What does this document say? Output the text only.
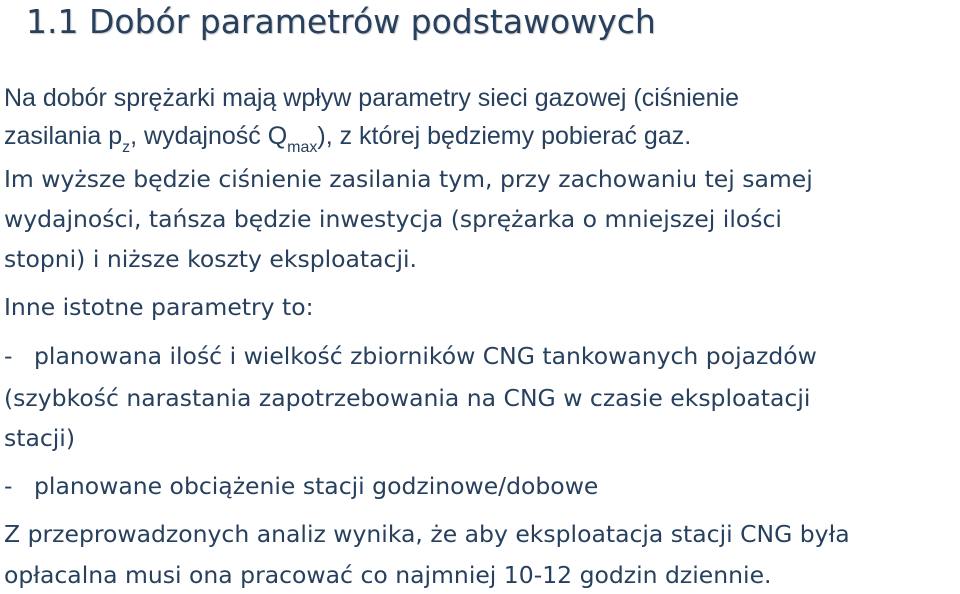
1.1 Dobór parametrów podstawowych
Na dobór sprężarki mają wpływ parametry sieci gazowej (ciśnienie
zasilania $p_z$, wydajność $Q_{max}$), z której będziemy pobierać gaz.
Im wyższe będzie ciśnienie zasilania tym, przy zachowaniu tej samej
wydajności, tańsza będzie inwestycja (sprężarka o mniejszej ilości
stopni) i niższe koszty eksploatacji.
Inne istotne parametry to:
- planowana ilość i wielkość zbiorników CNG tankowanych pojazdów
(szybkość narastania zapotrzebowania na CNG w czasie eksploatacji
stacji)
- planowane obciążenie stacji godzinowe/dobowe
Z przeprowadzonych analiz wynika, że aby eksploatacja stacji CNG była
opłacalna musi ona pracować co najmniej 10-12 godzin dziennie.
